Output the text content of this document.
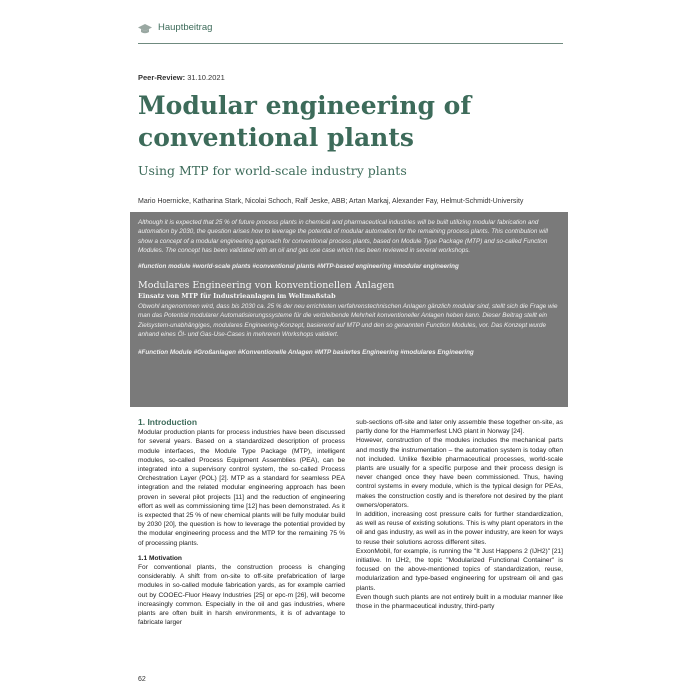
Hauptbeitrag
Peer-Review: 31.10.2021
Modular engineering of conventional plants
Using MTP for world-scale industry plants
Mario Hoernicke, Katharina Stark, Nicolai Schoch, Ralf Jeske, ABB; Artan Markaj, Alexander Fay, Helmut-Schmidt-University

Although it is expected that 25 % of future process plants in chemical and pharmaceutical industries will be built utilizing modular fabrication and automation by 2030, the question arises how to leverage the potential of modular automation for the remaining process plants. This contribution will show a concept of a modular engineering approach for conventional process plants, based on Module Type Package (MTP) and so-called Function Modules. The concept has been validated with an oil and gas use case which has been reviewed in several workshops.

#function module #world-scale plants #conventional plants #MTP-based engineering #modular engineering

Modulares Engineering von konventionellen Anlagen
Einsatz von MTP für Industrieanlagen im Weltmaßstab

Obwohl angenommen wird, dass bis 2030 ca. 25 % der neu errichteten verfahrenstechnischen Anlagen gänzlich modular sind, stellt sich die Frage wie man das Potential modularer Automatisierungssysteme für die verbleibende Mehrheit konventioneller Anlagen heben kann. Dieser Beitrag stellt ein Zielsystem-unabhängiges, modulares Engineering-Konzept, basierend auf MTP und den so genannten Function Modules, vor. Das Konzept wurde anhand eines Öl- und Gas-Use-Cases in mehreren Workshops validiert.

#Function Module #Großanlagen #Konventionelle Anlagen #MTP basiertes Engineering #modulares Engineering

1. Introduction

Modular production plants for process industries have been discussed for several years. Based on a standardized description of process module interfaces, the Module Type Package (MTP), intelligent modules, so-called Process Equipment Assemblies (PEA), can be integrated into a supervisory control system, the so-called Process Orchestration Layer (POL) [2]. MTP as a standard for seamless PEA integration and the related modular engineering approach has been proven in several pilot projects [11] and the reduction of engineering effort as well as commissioning time [12] has been demonstrated. As it is expected that 25 % of new chemical plants will be fully modular build by 2030 [20], the question is how to leverage the potential provided by the modular engineering process and the MTP for the remaining 75 % of processing plants.

1.1 Motivation

For conventional plants, the construction process is changing considerably. A shift from on-site to off-site prefabrication of large modules in so-called module fabrication yards, as for example carried out by COOEC-Fluor Heavy Industries [25] or epc-m [26], will become increasingly common. Especially in the oil and gas industries, where plants are often built in harsh environments, it is of advantage to fabricate larger

sub-sections off-site and later only assemble these together on-site, as partly done for the Hammerfest LNG plant in Norway [24].

However, construction of the modules includes the mechanical parts and mostly the instrumentation – the automation system is today often not included. Unlike flexible pharmaceutical processes, world-scale plants are usually for a specific purpose and their process design is never changed once they have been commissioned. Thus, having control systems in every module, which is the typical design for PEAs, makes the construction costly and is therefore not desired by the plant owners/operators.

In addition, increasing cost pressure calls for further standardization, as well as reuse of existing solutions. This is why plant operators in the oil and gas industry, as well as in the power industry, are keen for ways to reuse their solutions across different sites.

ExxonMobil, for example, is running the "It Just Happens 2 (IJH2)" [21] initiative. In IJH2, the topic "Modularized Functional Container" is focused on the above-mentioned topics of standardization, reuse, modularization and type-based engineering for upstream oil and gas plants.

Even though such plants are not entirely built in a modular manner like those in the pharmaceutical industry, third-party

62
